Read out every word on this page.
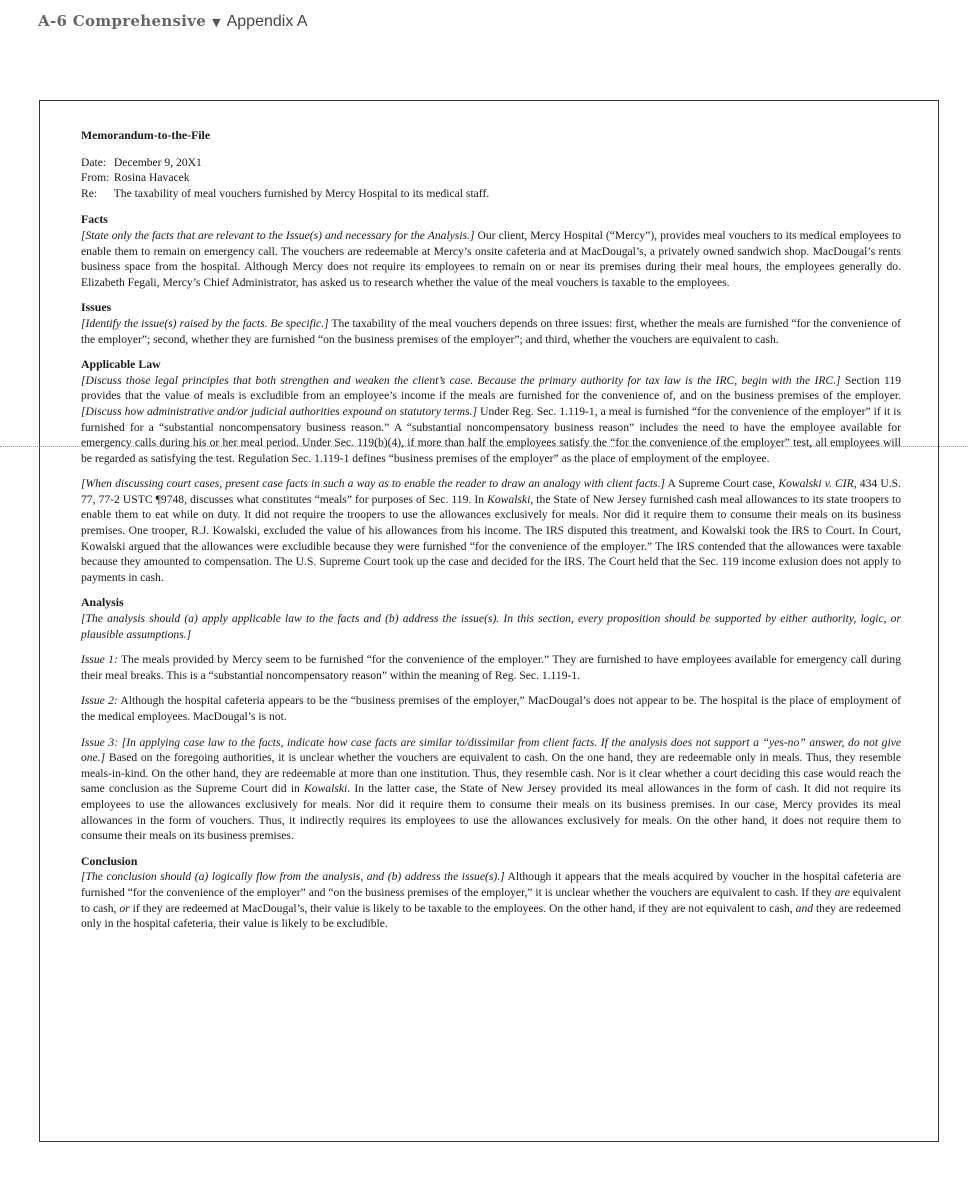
A-6 Comprehensive ▼ Appendix A
Memorandum-to-the-File
Date: December 9, 20X1
From: Rosina Havacek
Re: The taxability of meal vouchers furnished by Mercy Hospital to its medical staff.
Facts

[State only the facts that are relevant to the Issue(s) and necessary for the Analysis.] Our client, Mercy Hospital (“Mercy”), provides meal vouchers to its medical employees to enable them to remain on emergency call. The vouchers are redeemable at Mercy’s onsite cafeteria and at MacDougal’s, a privately owned sandwich shop. MacDougal’s rents business space from the hospital. Although Mercy does not require its employees to remain on or near its premises during their meal hours, the employees generally do. Elizabeth Fegali, Mercy’s Chief Administrator, has asked us to research whether the value of the meal vouchers is taxable to the employees.

Issues

[Identify the issue(s) raised by the facts. Be specific.] The taxability of the meal vouchers depends on three issues: first, whether the meals are furnished “for the convenience of the employer”; second, whether they are furnished “on the business premises of the employer”; and third, whether the vouchers are equivalent to cash.

Applicable Law

[Discuss those legal principles that both strengthen and weaken the client’s case. Because the primary authority for tax law is the IRC, begin with the IRC.] Section 119 provides that the value of meals is excludible from an employee’s income if the meals are furnished for the convenience of, and on the business premises of the employer. [Discuss how administrative and/or judicial authorities expound on statutory terms.] Under Reg. Sec. 1.119-1, a meal is furnished “for the convenience of the employer” if it is furnished for a “substantial noncompensatory business reason.” A “substantial noncompensatory business reason” includes the need to have the employee available for emergency calls during his or her meal period. Under Sec. 119(b)(4), if more than half the employees satisfy the “for the convenience of the employer” test, all employees will be regarded as satisfying the test. Regulation Sec. 1.119-1 defines “business premises of the employer” as the place of employment of the employee.

[When discussing court cases, present case facts in such a way as to enable the reader to draw an analogy with client facts.] A Supreme Court case, Kowalski v. CIR, 434 U.S. 77, 77-2 USTC ¶9748, discusses what constitutes “meals” for purposes of Sec. 119. In Kowalski, the State of New Jersey furnished cash meal allowances to its state troopers to enable them to eat while on duty. It did not require the troopers to use the allowances exclusively for meals. Nor did it require them to consume their meals on its business premises. One trooper, R.J. Kowalski, excluded the value of his allowances from his income. The IRS disputed this treatment, and Kowalski took the IRS to Court. In Court, Kowalski argued that the allowances were excludible because they were furnished “for the convenience of the employer.” The IRS contended that the allowances were taxable because they amounted to compensation. The U.S. Supreme Court took up the case and decided for the IRS. The Court held that the Sec. 119 income exlusion does not apply to payments in cash.

Analysis

[The analysis should (a) apply applicable law to the facts and (b) address the issue(s). In this section, every proposition should be supported by either authority, logic, or plausible assumptions.]

Issue 1: The meals provided by Mercy seem to be furnished “for the convenience of the employer.” They are furnished to have employees available for emergency call during their meal breaks. This is a “substantial noncompensatory reason” within the meaning of Reg. Sec. 1.119-1.

Issue 2: Although the hospital cafeteria appears to be the “business premises of the employer,” MacDougal’s does not appear to be. The hospital is the place of employment of the medical employees. MacDougal’s is not.

Issue 3: [In applying case law to the facts, indicate how case facts are similar to/dissimilar from client facts. If the analysis does not support a “yes-no” answer, do not give one.] Based on the foregoing authorities, it is unclear whether the vouchers are equivalent to cash. On the one hand, they are redeemable only in meals. Thus, they resemble meals-in-kind. On the other hand, they are redeemable at more than one institution. Thus, they resemble cash. Nor is it clear whether a court deciding this case would reach the same conclusion as the Supreme Court did in Kowalski. In the latter case, the State of New Jersey provided its meal allowances in the form of cash. It did not require its employees to use the allowances exclusively for meals. Nor did it require them to consume their meals on its business premises. In our case, Mercy provides its meal allowances in the form of vouchers. Thus, it indirectly requires its employees to use the allowances exclusively for meals. On the other hand, it does not require them to consume their meals on its business premises.

Conclusion

[The conclusion should (a) logically flow from the analysis, and (b) address the issue(s).] Although it appears that the meals acquired by voucher in the hospital cafeteria are furnished “for the convenience of the employer” and “on the business premises of the employer,” it is unclear whether the vouchers are equivalent to cash. If they are equivalent to cash, or if they are redeemed at MacDougal’s, their value is likely to be taxable to the employees. On the other hand, if they are not equivalent to cash, and they are redeemed only in the hospital cafeteria, their value is likely to be excludible.
